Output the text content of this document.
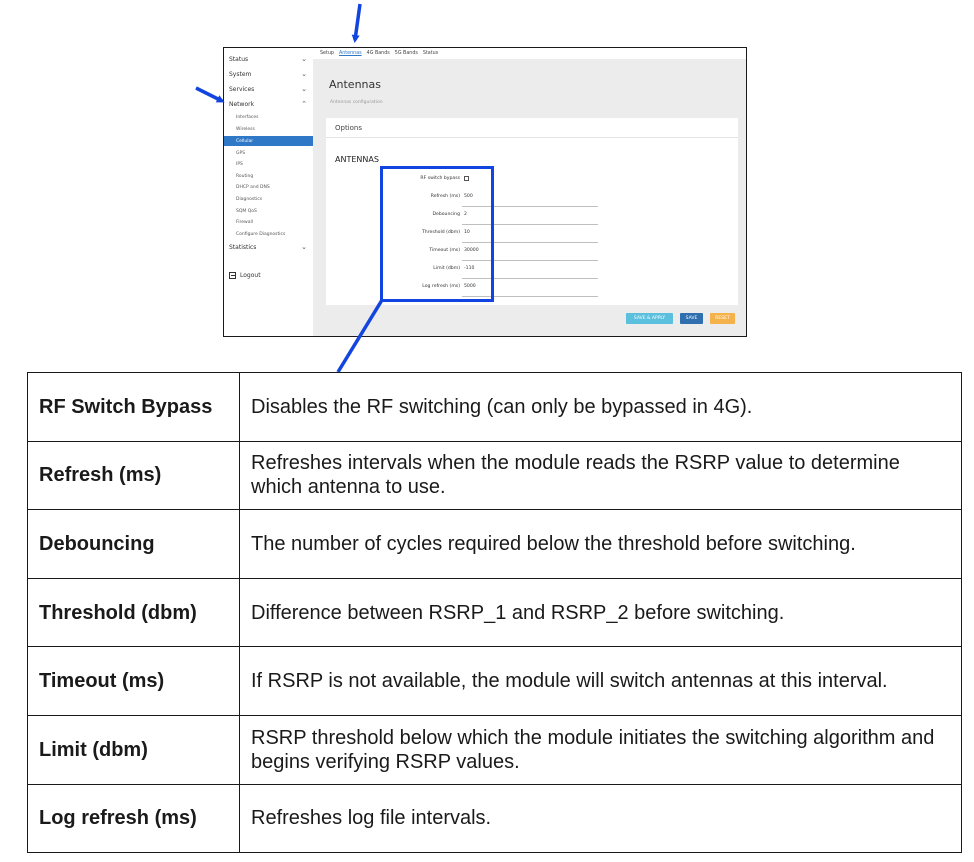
Status	⌄
System	⌄
Services	⌄
Network	⌃
Interfaces
Wireless
Cellular
GPS
IPS
Routing
DHCP and DNS
Diagnostics
SQM QoS
Firewall
Configure Diagnostics
Statistics	⌄
Logout
Setup Antennas 4G Bands 5G Bands Status
Antennas
Antennas configuration
Options
ANTENNAS
RF switch bypass
Refresh (ms) 500
Debouncing 2
Threshold (dbm) 10
Timeout (ms) 30000
Limit (dbm) -110
Log refresh (ms) 5000
SAVE & APPLY	SAVE	RESET
RF Switch Bypass	Disables the RF switching (can only be bypassed in 4G).
Refresh (ms)	Refreshes intervals when the module reads the RSRP value to determine which antenna to use.
Debouncing	The number of cycles required below the threshold before switching.
Threshold (dbm)	Difference between RSRP_1 and RSRP_2 before switching.
Timeout (ms)	If RSRP is not available, the module will switch antennas at this interval.
Limit (dbm)	RSRP threshold below which the module initiates the switching algorithm and begins verifying RSRP values.
Log refresh (ms)	Refreshes log file intervals.
